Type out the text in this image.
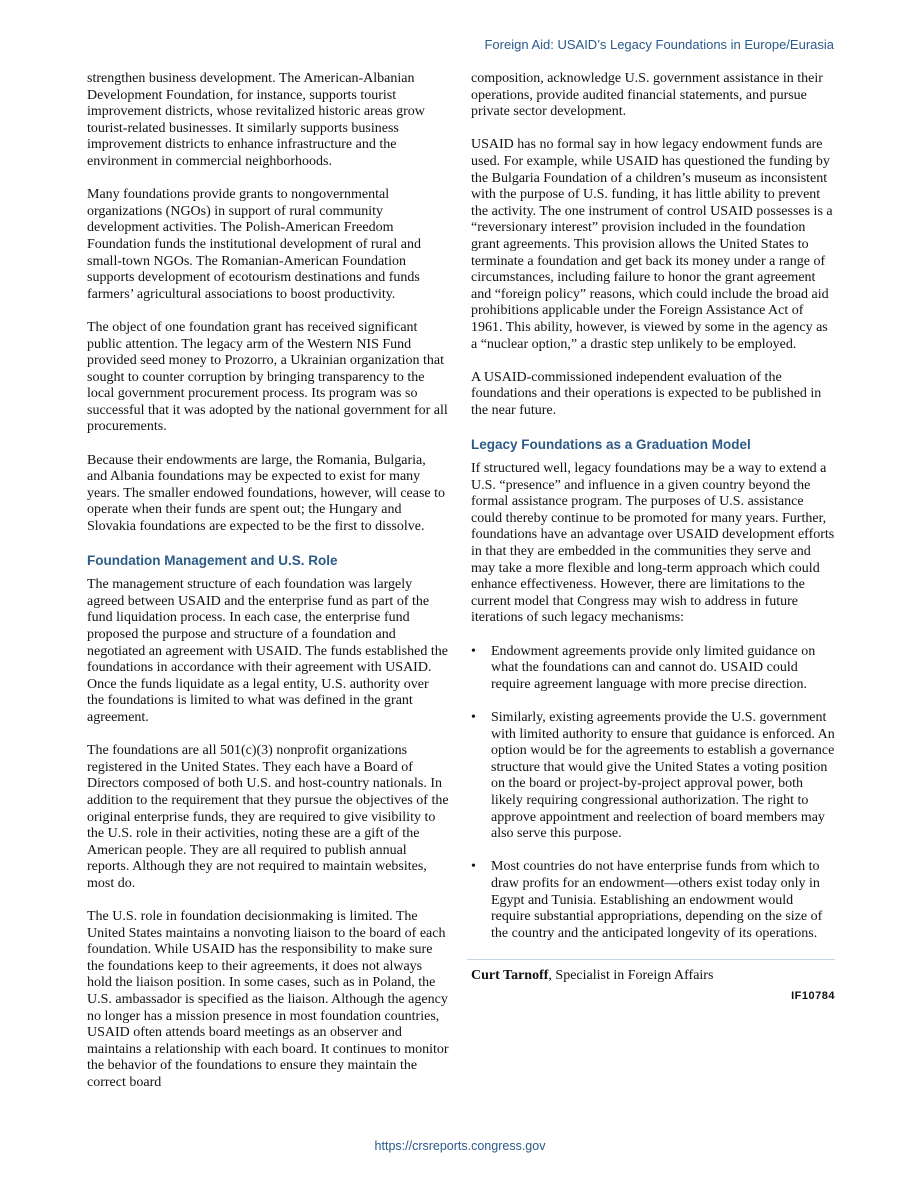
Foreign Aid: USAID’s Legacy Foundations in Europe/Eurasia

strengthen business development. The American-Albanian Development Foundation, for instance, supports tourist improvement districts, whose revitalized historic areas grow tourist-related businesses. It similarly supports business improvement districts to enhance infrastructure and the environment in commercial neighborhoods.

Many foundations provide grants to nongovernmental organizations (NGOs) in support of rural community development activities. The Polish-American Freedom Foundation funds the institutional development of rural and small-town NGOs. The Romanian-American Foundation supports development of ecotourism destinations and funds farmers’ agricultural associations to boost productivity.

The object of one foundation grant has received significant public attention. The legacy arm of the Western NIS Fund provided seed money to Prozorro, a Ukrainian organization that sought to counter corruption by bringing transparency to the local government procurement process. Its program was so successful that it was adopted by the national government for all procurements.

Because their endowments are large, the Romania, Bulgaria, and Albania foundations may be expected to exist for many years. The smaller endowed foundations, however, will cease to operate when their funds are spent out; the Hungary and Slovakia foundations are expected to be the first to dissolve.

Foundation Management and U.S. Role

The management structure of each foundation was largely agreed between USAID and the enterprise fund as part of the fund liquidation process. In each case, the enterprise fund proposed the purpose and structure of a foundation and negotiated an agreement with USAID. The funds established the foundations in accordance with their agreement with USAID. Once the funds liquidate as a legal entity, U.S. authority over the foundations is limited to what was defined in the grant agreement.

The foundations are all 501(c)(3) nonprofit organizations registered in the United States. They each have a Board of Directors composed of both U.S. and host-country nationals. In addition to the requirement that they pursue the objectives of the original enterprise funds, they are required to give visibility to the U.S. role in their activities, noting these are a gift of the American people. They are all required to publish annual reports. Although they are not required to maintain websites, most do.

The U.S. role in foundation decisionmaking is limited. The United States maintains a nonvoting liaison to the board of each foundation. While USAID has the responsibility to make sure the foundations keep to their agreements, it does not always hold the liaison position. In some cases, such as in Poland, the U.S. ambassador is specified as the liaison. Although the agency no longer has a mission presence in most foundation countries, USAID often attends board meetings as an observer and maintains a relationship with each board. It continues to monitor the behavior of the foundations to ensure they maintain the correct board

composition, acknowledge U.S. government assistance in their operations, provide audited financial statements, and pursue private sector development.

USAID has no formal say in how legacy endowment funds are used. For example, while USAID has questioned the funding by the Bulgaria Foundation of a children’s museum as inconsistent with the purpose of U.S. funding, it has little ability to prevent the activity. The one instrument of control USAID possesses is a “reversionary interest” provision included in the foundation grant agreements. This provision allows the United States to terminate a foundation and get back its money under a range of circumstances, including failure to honor the grant agreement and “foreign policy” reasons, which could include the broad aid prohibitions applicable under the Foreign Assistance Act of 1961. This ability, however, is viewed by some in the agency as a “nuclear option,” a drastic step unlikely to be employed.

A USAID-commissioned independent evaluation of the foundations and their operations is expected to be published in the near future.

Legacy Foundations as a Graduation Model

If structured well, legacy foundations may be a way to extend a U.S. “presence” and influence in a given country beyond the formal assistance program. The purposes of U.S. assistance could thereby continue to be promoted for many years. Further, foundations have an advantage over USAID development efforts in that they are embedded in the communities they serve and may take a more flexible and long-term approach which could enhance effectiveness. However, there are limitations to the current model that Congress may wish to address in future iterations of such legacy mechanisms:

• Endowment agreements provide only limited guidance on what the foundations can and cannot do. USAID could require agreement language with more precise direction.
• Similarly, existing agreements provide the U.S. government with limited authority to ensure that guidance is enforced. An option would be for the agreements to establish a governance structure that would give the United States a voting position on the board or project-by-project approval power, both likely requiring congressional authorization. The right to approve appointment and reelection of board members may also serve this purpose.
• Most countries do not have enterprise funds from which to draw profits for an endowment—others exist today only in Egypt and Tunisia. Establishing an endowment would require substantial appropriations, depending on the size of the country and the anticipated longevity of its operations.

Curt Tarnoff, Specialist in Foreign Affairs

IF10784
https://crsreports.congress.gov
